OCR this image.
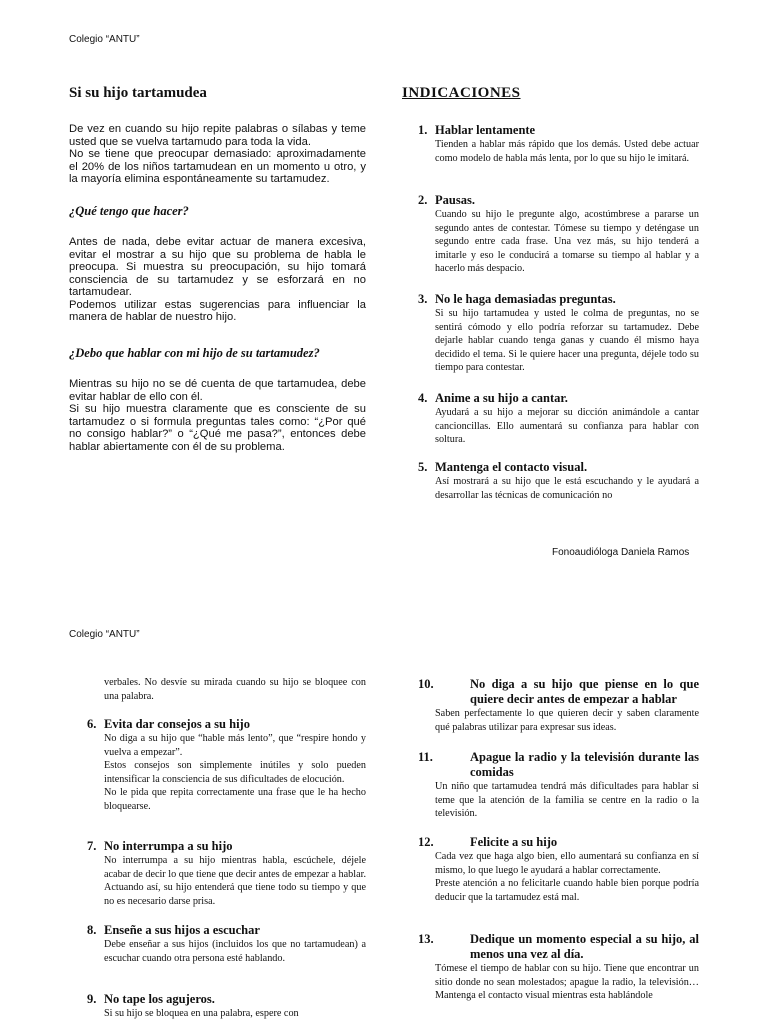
Colegio “ANTU”
Si su hijo tartamudea

De vez en cuando su hijo repite palabras o sílabas y teme usted que se vuelva tartamudo para toda la vida.

No se tiene que preocupar demasiado: aproximadamente el 20% de los niños tartamudean en un momento u otro, y la mayoría elimina espontáneamente su tartamudez.

¿Qué tengo que hacer?

Antes de nada, debe evitar actuar de manera excesiva, evitar el mostrar a su hijo que su problema de habla le preocupa. Si muestra su preocupación, su hijo tomará consciencia de su tartamudez y se esforzará en no tartamudear.

Podemos utilizar estas sugerencias para influenciar la manera de hablar de nuestro hijo.

¿Debo que hablar con mi hijo de su tartamudez?

Mientras su hijo no se dé cuenta de que tartamudea, debe evitar hablar de ello con él.

Si su hijo muestra claramente que es consciente de su tartamudez o si formula preguntas tales como: “¿Por qué no consigo hablar?” o “¿Qué me pasa?”, entonces debe hablar abiertamente con él de su problema.

INDICACIONES
1. Hablar lentamente

Tienden a hablar más rápido que los demás. Usted debe actuar como modelo de habla más lenta, por lo que su hijo le imitará.

2. Pausas.

Cuando su hijo le pregunte algo, acostúmbrese a pararse un segundo antes de contestar. Tómese su tiempo y deténgase un segundo entre cada frase. Una vez más, su hijo tenderá a imitarle y eso le conducirá a tomarse su tiempo al hablar y a hacerlo más despacio.

3. No le haga demasiadas preguntas.

Si su hijo tartamudea y usted le colma de preguntas, no se sentirá cómodo y ello podría reforzar su tartamudez. Debe dejarle hablar cuando tenga ganas y cuando él mismo haya decidido el tema. Si le quiere hacer una pregunta, déjele todo su tiempo para contestar.

4. Anime a su hijo a cantar.

Ayudará a su hijo a mejorar su dicción animándole a cantar cancioncillas. Ello aumentará su confianza para hablar con soltura.

5. Mantenga el contacto visual.

Así mostrará a su hijo que le está escuchando y le ayudará a desarrollar las técnicas de comunicación no

Fonoaudióloga Daniela Ramos
Colegio “ANTU”

verbales. No desvíe su mirada cuando su hijo se bloquee con una palabra.

6. Evita dar consejos a su hijo

No diga a su hijo que “hable más lento”, que “respire hondo y vuelva a empezar”.

Estos consejos son simplemente inútiles y solo pueden intensificar la consciencia de sus dificultades de elocución.

No le pida que repita correctamente una frase que le ha hecho bloquearse.

7. No interrumpa a su hijo

No interrumpa a su hijo mientras habla, escúchele, déjele acabar de decir lo que tiene que decir antes de empezar a hablar. Actuando así, su hijo entenderá que tiene todo su tiempo y que no es necesario darse prisa.

8. Enseñe a sus hijos a escuchar

Debe enseñar a sus hijos (incluidos los que no tartamudean) a escuchar cuando otra persona esté hablando.

9. No tape los agujeros.

Si su hijo se bloquea en una palabra, espere con

10.	No diga a su hijo que piense en lo que quiere decir antes de empezar a hablar

Saben perfectamente lo que quieren decir y saben claramente qué palabras utilizar para expresar sus ideas.

11.	Apague la radio y la televisión durante las comidas

Un niño que tartamudea tendrá más dificultades para hablar si teme que la atención de la familia se centre en la radio o la televisión.

12.	Felicite a su hijo

Cada vez que haga algo bien, ello aumentará su confianza en sí mismo, lo que luego le ayudará a hablar correctamente.

Preste atención a no felicitarle cuando hable bien porque podría deducir que la tartamudez está mal.

13.	Dedique un momento especial a su hijo, al menos una vez al día.

Tómese el tiempo de hablar con su hijo. Tiene que encontrar un sitio donde no sean molestados; apague la radio, la televisión… Mantenga el contacto visual mientras esta hablándole
